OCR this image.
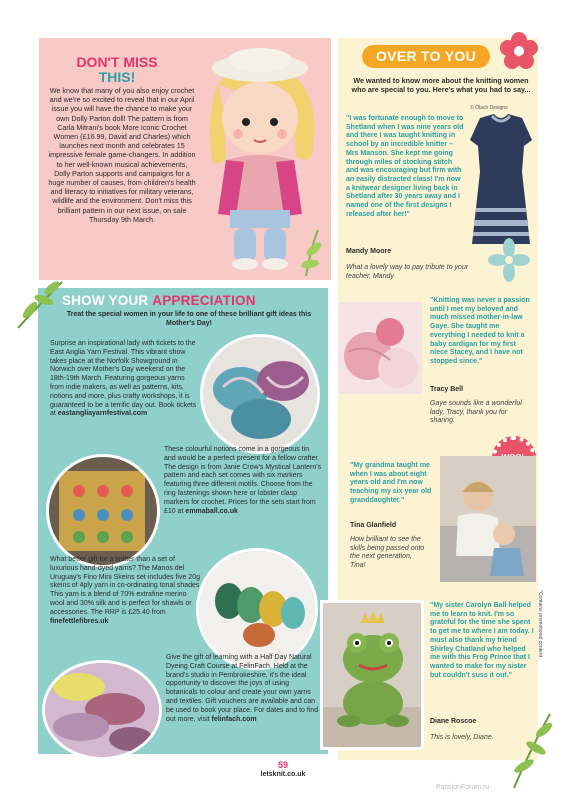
DON'T MISS
THIS!
We know that many of you also enjoy crochet and we're so excited to reveal that in our April issue you will have the chance to make your own Dolly Parton doll! The pattern is from Carla Mitrani's book More Iconic Crochet Women (£16.99, David and Charles) which launches next month and celebrates 15 impressive female game-changers. In addition to her well-known musical achievements, Dolly Parton supports and campaigns for a huge number of causes, from children's health and literacy to initiatives for military veterans, wildlife and the environment. Don't miss this brilliant pattern in our next issue, on sale Thursday 9th March.
OVER TO YOU
We wanted to know more about the knitting women who are special to you. Here's what you had to say...
© Olach Designs
"I was fortunate enough to move to Shetland when I was nine years old and there I was taught knitting in school by an incredible knitter – Mrs Manson. She kept me going through miles of stocking stitch and was encouraging but firm with an easily distracted class! I'm now a knitwear designer living back in Shetland after 30 years away and I named one of the first designs I released after her!"
Mandy Moore
What a lovely way to pay tribute to your teacher, Mandy
"Knitting was never a passion until I met my beloved and much missed mother-in-law Gaye. She taught me everything I needed to knit a baby cardigan for my first niece Stacey, and I have not stopped since."
Tracy Bell
Gaye sounds like a wonderful lady, Tracy, thank you for sharing.
"My grandma taught me when I was about eight years old and I'm now teaching my six year old granddaughter."
Tina Glanfield
How brilliant to see the skills being passed onto the next generation, Tina!
"My sister Carolyn Ball helped me to learn to knit. I'm so grateful for the time she spent to get me to where I am today. I must also thank my friend Shirley Chatland who helped me with this Frog Prince that I wanted to make for my sister but couldn't suss it out."
Diane Roscoe
This is lovely, Diane.
SHOW YOUR APPRECIATION
Treat the special women in your life to one of these brilliant gift ideas this Mother's Day!
Surprise an inspirational lady with tickets to the East Anglia Yarn Festival. This vibrant show takes place at the Norfolk Showground in Norwich over Mother's Day weekend on the 18th-19th March. Featuring gorgeous yarns from indie makers, as well as patterns, kits, notions and more, plus crafty workshops, it is guaranteed to be a terrific day out. Book tickets at eastangliayarnfestival.com
These colourful notions come in a gorgeous tin and would be a perfect present for a fellow crafter. The design is from Janie Crow's Mystical Lantern's pattern and each set comes with six markers featuring three different motifs. Choose from the ring fastenings shown here or lobster clasp markers for crochet. Prices for the sets start from £10 at emmaball.co.uk
What better gift for a knitter than a set of luxurious hand-dyed yarns? The Manos del Uruguay's Fino Mini Skeins set includes five 20g skeins of 4ply yarn in co-ordinating tonal shades. This yarn is a blend of 70% extrafine merino wool and 30% silk and is perfect for shawls or accessories. The RRP is £25.40 from finefettlefibres.uk
Give the gift of learning with a Half Day Natural Dyeing Craft Course at FelinFach. Held at the brand's studio in Pembrokeshire, it's the ideal opportunity to discover the joys of using botanicals to colour and create your own yarns and textiles. Gift vouchers are available and can be used to book your place. For dates and to find out more, visit felinfach.com
59
letsknit.co.uk
*Contains promotional content
PassionForum.ru
